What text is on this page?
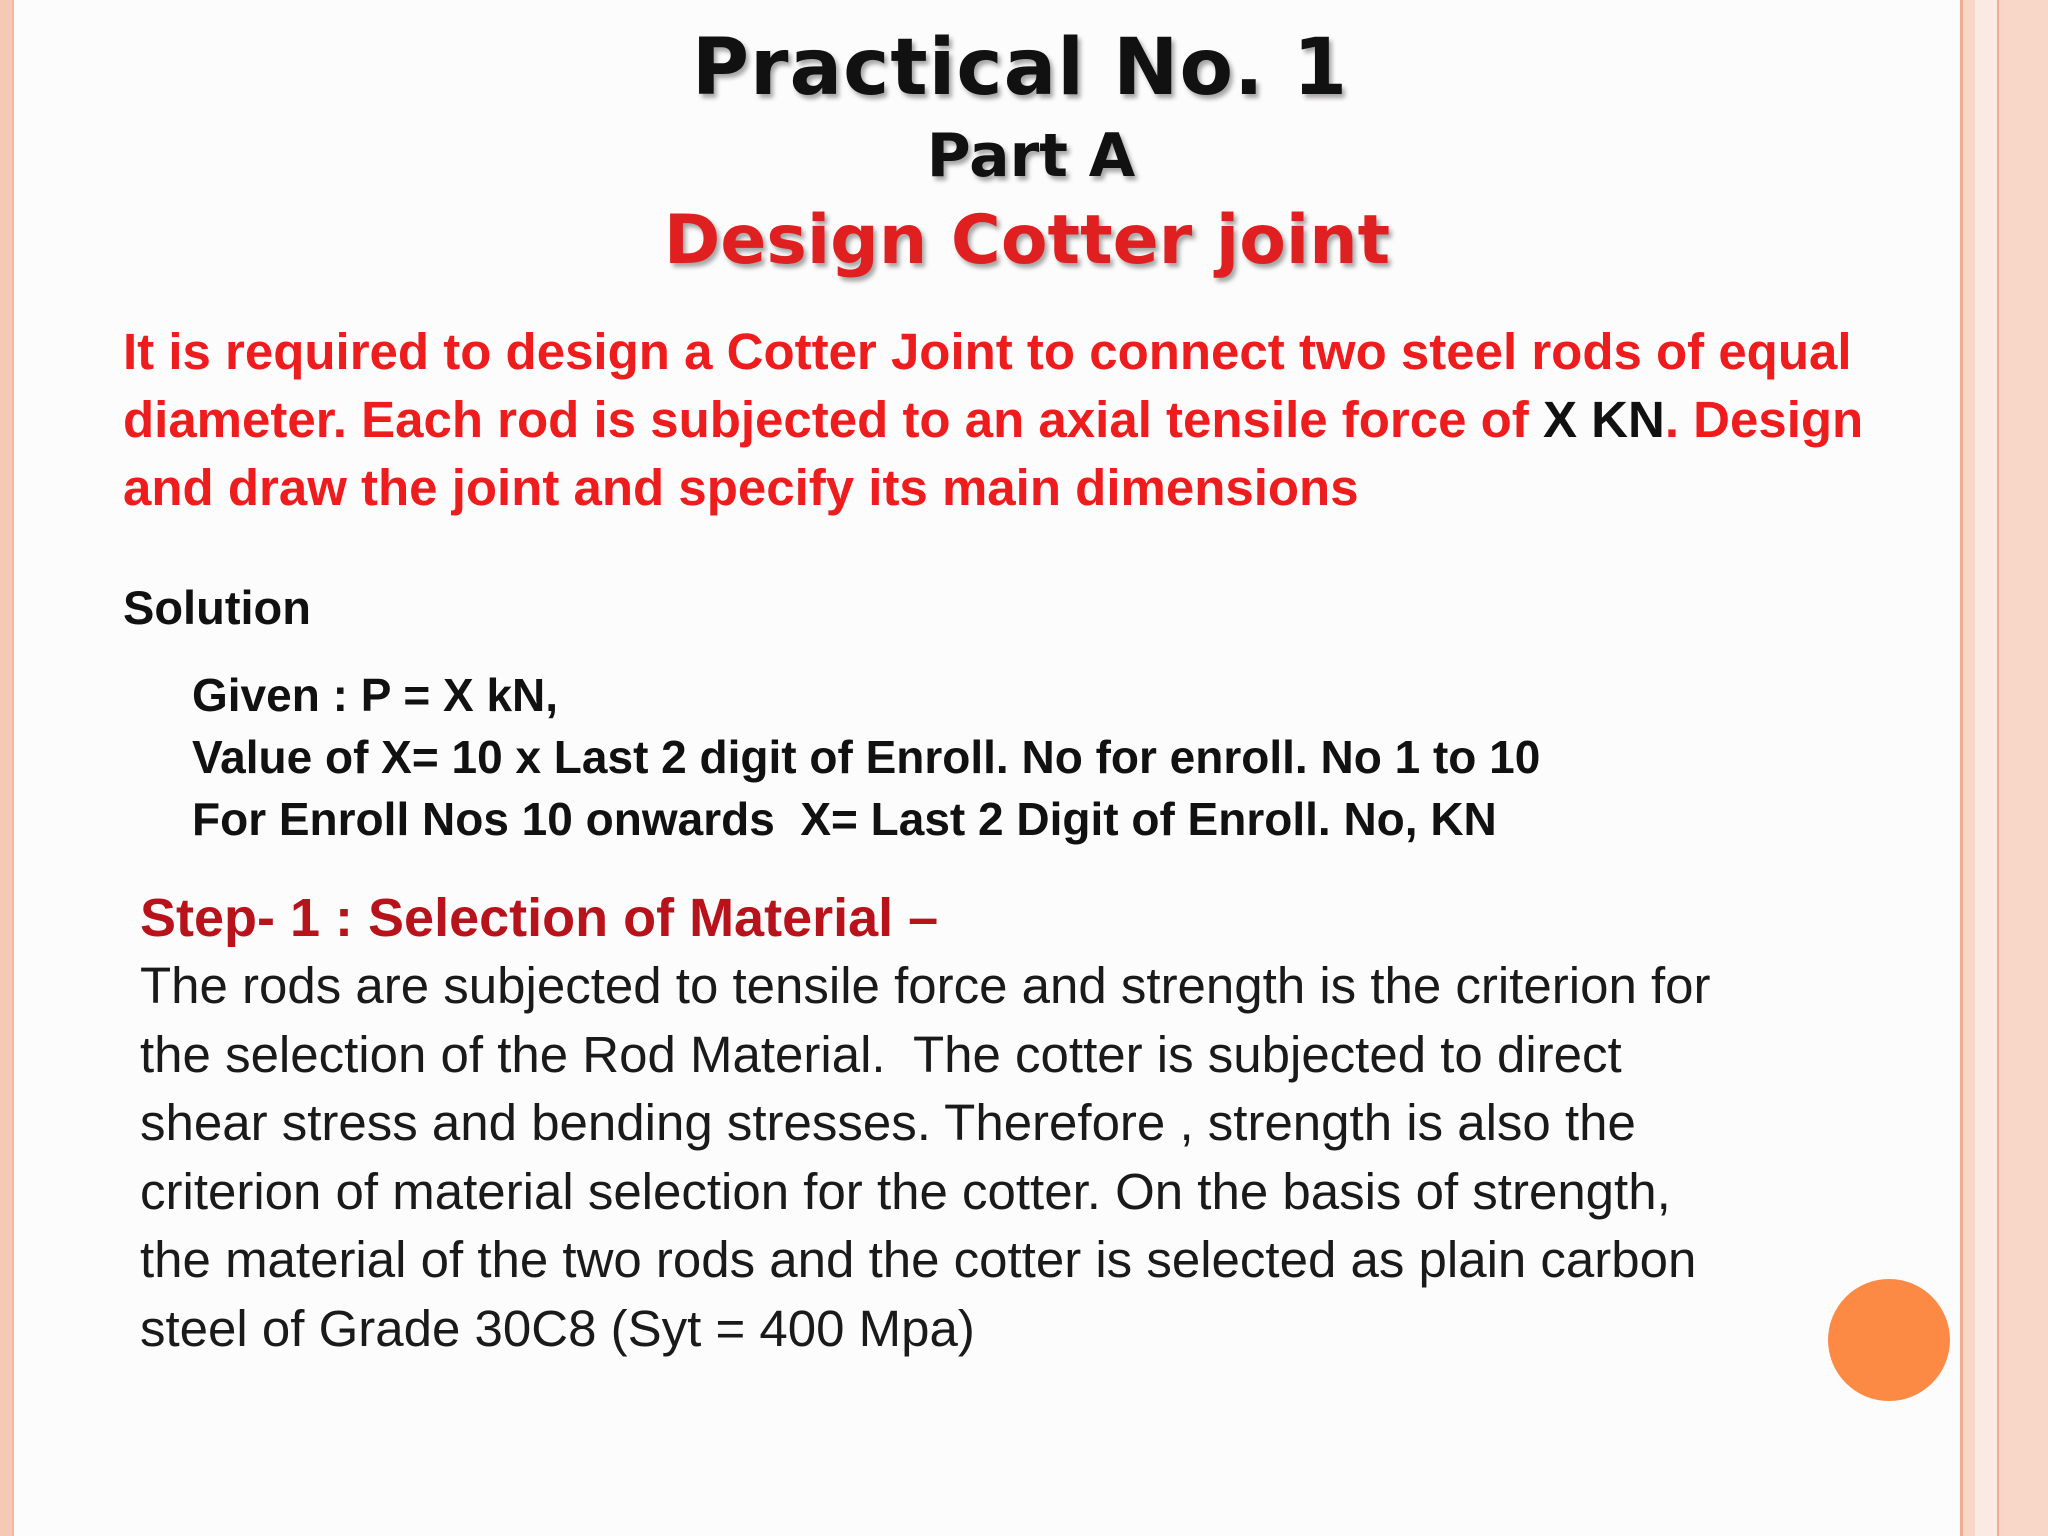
Practical No. 1
Part A
Design Cotter joint
It is required to design a Cotter Joint to connect two steel rods of equal diameter. Each rod is subjected to an axial tensile force of X KN. Design and draw the joint and specify its main dimensions
Solution
Given : P = X kN,
Value of X= 10 x Last 2 digit of Enroll. No for enroll. No 1 to 10
For Enroll Nos 10 onwards  X= Last 2 Digit of Enroll. No, KN
Step- 1 : Selection of Material –
The rods are subjected to tensile force and strength is the criterion for
the selection of the Rod Material.  The cotter is subjected to direct
shear stress and bending stresses. Therefore , strength is also the
criterion of material selection for the cotter. On the basis of strength,
the material of the two rods and the cotter is selected as plain carbon
steel of Grade 30C8 (Syt = 400 Mpa)
